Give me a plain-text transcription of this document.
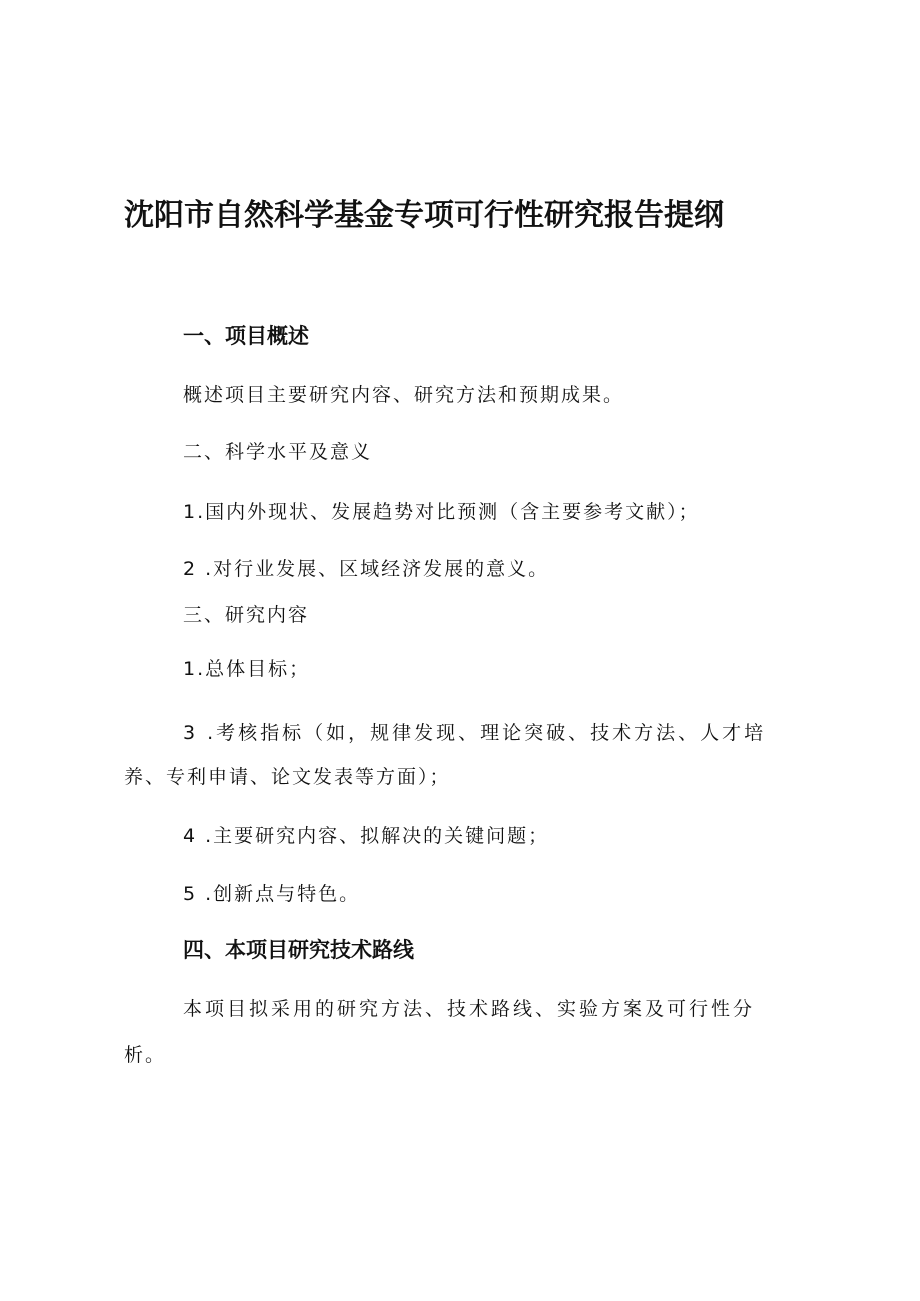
沈阳市自然科学基金专项可行性研究报告提纲
一、项目概述
概述项目主要研究内容、研究方法和预期成果。
二、科学水平及意义
1.国内外现状、发展趋势对比预测（含主要参考文献）；
2 .对行业发展、区域经济发展的意义。
三、研究内容
1.总体目标；
3 .考核指标（如，规律发现、理论突破、技术方法、人才培
养、专利申请、论文发表等方面）；
4 .主要研究内容、拟解决的关键问题；
5 .创新点与特色。
四、本项目研究技术路线
本项目拟采用的研究方法、技术路线、实验方案及可行性分
析。
